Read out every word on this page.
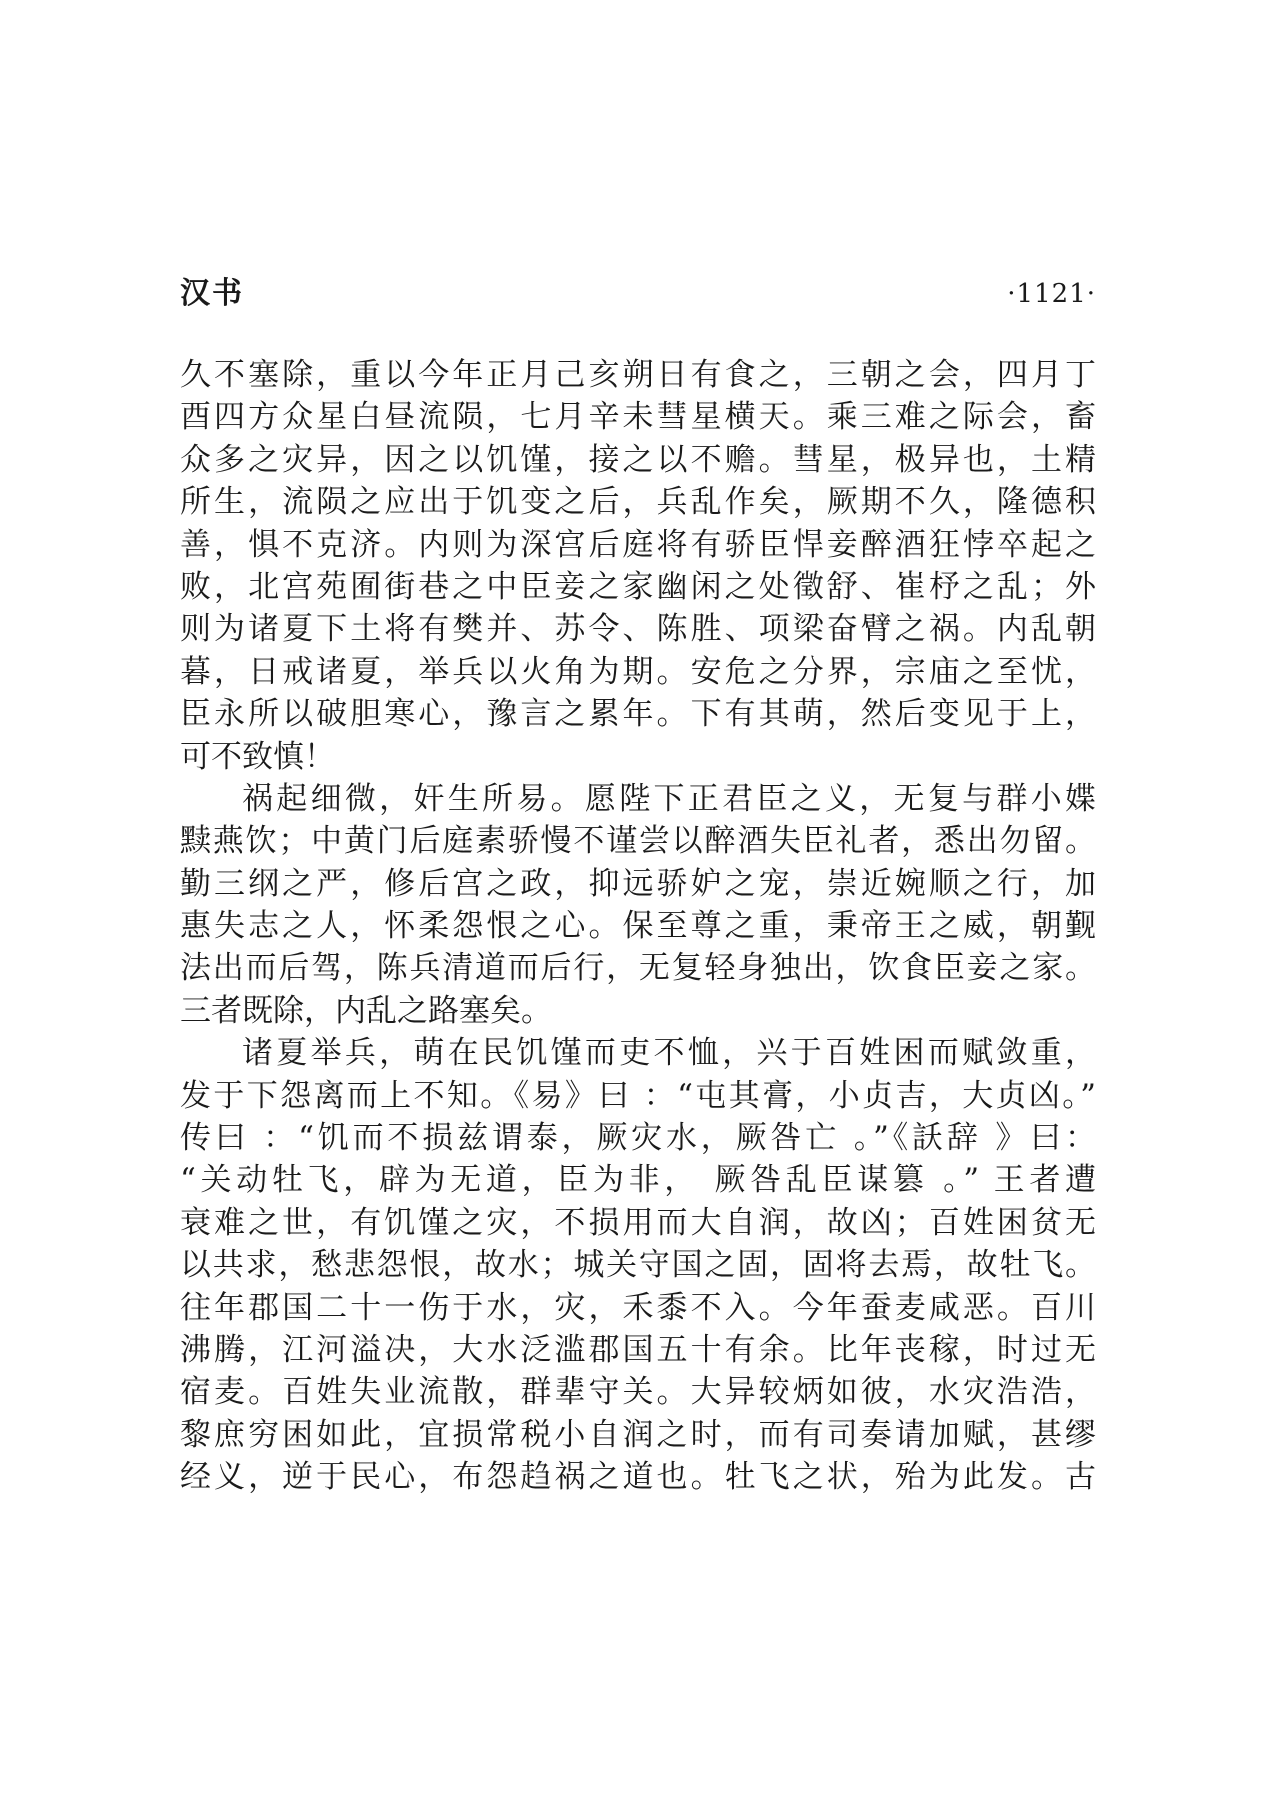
汉书	·1121·
久不塞除，重以今年正月己亥朔日有食之，三朝之会，四月丁
酉四方众星白昼流陨，七月辛未彗星横天。乘三难之际会，畜
众多之灾异，因之以饥馑，接之以不赡。彗星，极异也，土精
所生，流陨之应出于饥变之后，兵乱作矣，厥期不久，隆德积
善，惧不克济。内则为深宫后庭将有骄臣悍妾醉酒狂悖卒起之
败，北宫苑囿街巷之中臣妾之家幽闲之处徵舒、崔杼之乱；外
则为诸夏下土将有樊并、苏令、陈胜、项梁奋臂之祸。内乱朝
暮，日戒诸夏，举兵以火角为期。安危之分界，宗庙之至忧，
臣永所以破胆寒心，豫言之累年。下有其萌，然后变见于上，
可不致慎！
祸起细微，奸生所易。愿陛下正君臣之义，无复与群小媟
黩燕饮；中黄门后庭素骄慢不谨尝以醉酒失臣礼者，悉出勿留。
勤三纲之严，修后宫之政，抑远骄妒之宠，崇近婉顺之行，加
惠失志之人，怀柔怨恨之心。保至尊之重，秉帝王之威，朝觐
法出而后驾，陈兵清道而后行，无复轻身独出，饮食臣妾之家。
三者既除，内乱之路塞矣。
诸夏举兵，萌在民饥馑而吏不恤，兴于百姓困而赋敛重，
发于下怨离而上不知。《易》曰 ：“屯其膏，小贞吉，大贞凶。”
传曰 ：“饥而不损兹谓泰，厥灾水，厥咎亡 。”《訞辞 》曰：
“关动牡飞，辟为无道，臣为非， 厥咎乱臣谋篡 。” 王者遭
衰难之世，有饥馑之灾，不损用而大自润，故凶；百姓困贫无
以共求，愁悲怨恨，故水；城关守国之固，固将去焉，故牡飞。
往年郡国二十一伤于水，灾，禾黍不入。今年蚕麦咸恶。百川
沸腾，江河溢决，大水泛滥郡国五十有余。比年丧稼，时过无
宿麦。百姓失业流散，群辈守关。大异较炳如彼，水灾浩浩，
黎庶穷困如此，宜损常税小自润之时，而有司奏请加赋，甚缪
经义，逆于民心，布怨趋祸之道也。牡飞之状，殆为此发。古
